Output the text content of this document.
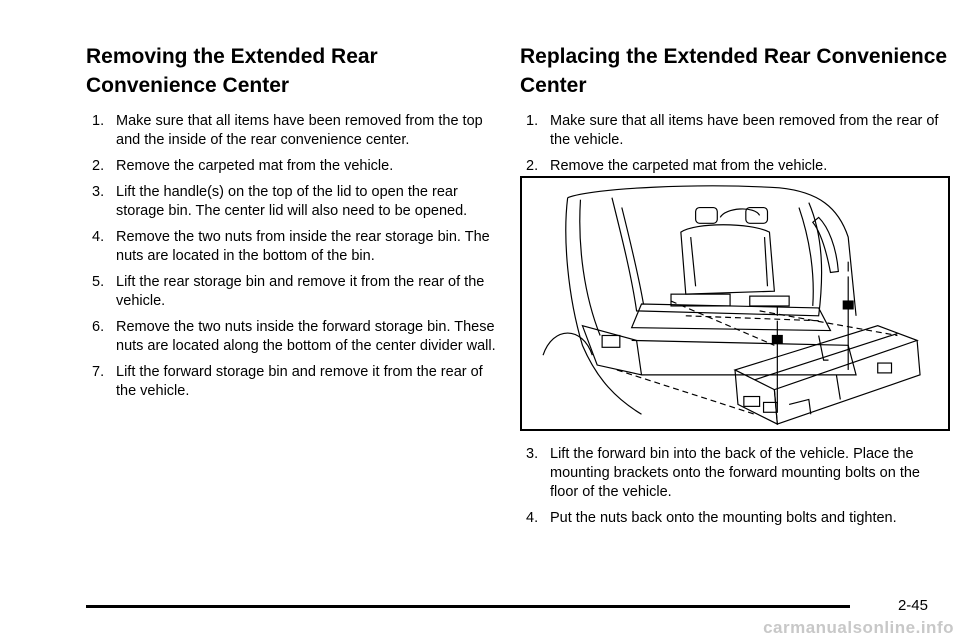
Removing the Extended Rear Convenience Center
1. Make sure that all items have been removed from the top and the inside of the rear convenience center.
2. Remove the carpeted mat from the vehicle.
3. Lift the handle(s) on the top of the lid to open the rear storage bin. The center lid will also need to be opened.
4. Remove the two nuts from inside the rear storage bin. The nuts are located in the bottom of the bin.
5. Lift the rear storage bin and remove it from the rear of the vehicle.
6. Remove the two nuts inside the forward storage bin. These nuts are located along the bottom of the center divider wall.
7. Lift the forward storage bin and remove it from the rear of the vehicle.
Replacing the Extended Rear Convenience Center
1. Make sure that all items have been removed from the rear of the vehicle.
2. Remove the carpeted mat from the vehicle.
3. Lift the forward bin into the back of the vehicle. Place the mounting brackets onto the forward mounting bolts on the floor of the vehicle.
4. Put the nuts back onto the mounting bolts and tighten.
2-45
carmanualsonline.info
